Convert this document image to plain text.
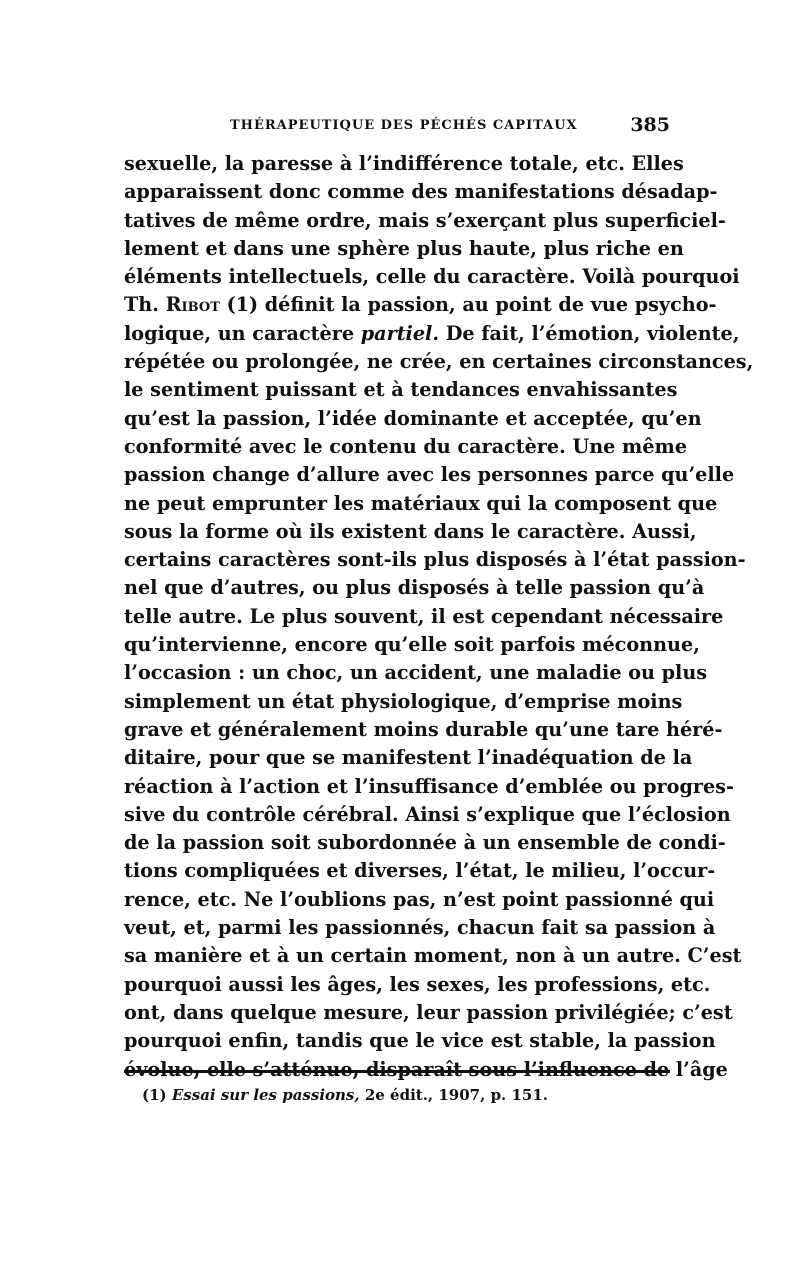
THÉRAPEUTIQUE DES PÉCHÉS CAPITAUX	385
sexuelle, la paresse à l’indifférence totale, etc. Elles
apparaissent donc comme des manifestations désadap-
tatives de même ordre, mais s’exerçant plus superficiel-
lement et dans une sphère plus haute, plus riche en
éléments intellectuels, celle du caractère. Voilà pourquoi
Th. Ribot (1) définit la passion, au point de vue psycho-
logique, un caractère partiel. De fait, l’émotion, violente,
répétée ou prolongée, ne crée, en certaines circonstances,
le sentiment puissant et à tendances envahissantes
qu’est la passion, l’idée dominante et acceptée, qu’en
conformité avec le contenu du caractère. Une même
passion change d’allure avec les personnes parce qu’elle
ne peut emprunter les matériaux qui la composent que
sous la forme où ils existent dans le caractère. Aussi,
certains caractères sont-ils plus disposés à l’état passion-
nel que d’autres, ou plus disposés à telle passion qu’à
telle autre. Le plus souvent, il est cependant nécessaire
qu’intervienne, encore qu’elle soit parfois méconnue,
l’occasion : un choc, un accident, une maladie ou plus
simplement un état physiologique, d’emprise moins
grave et généralement moins durable qu’une tare héré-
ditaire, pour que se manifestent l’inadéquation de la
réaction à l’action et l’insuffisance d’emblée ou progres-
sive du contrôle cérébral. Ainsi s’explique que l’éclosion
de la passion soit subordonnée à un ensemble de condi-
tions compliquées et diverses, l’état, le milieu, l’occur-
rence, etc. Ne l’oublions pas, n’est point passionné qui
veut, et, parmi les passionnés, chacun fait sa passion à
sa manière et à un certain moment, non à un autre. C’est
pourquoi aussi les âges, les sexes, les professions, etc.
ont, dans quelque mesure, leur passion privilégiée; c’est
pourquoi enfin, tandis que le vice est stable, la passion
évolue, elle s’atténue, disparaît sous l’influence de l’âge
(1) Essai sur les passions, 2e édit., 1907, p. 151.
